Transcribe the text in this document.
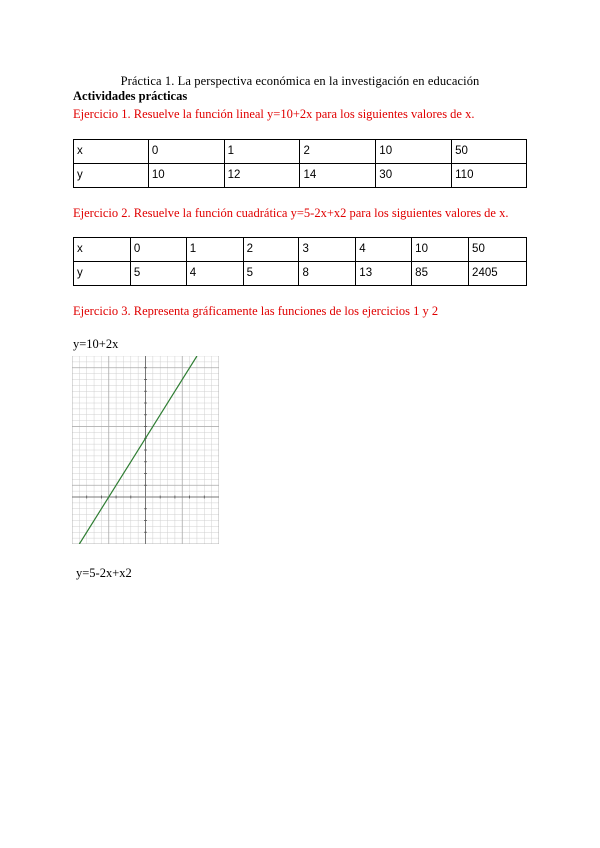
Práctica 1. La perspectiva económica en la investigación en educación
Actividades prácticas
Ejercicio 1. Resuelve la función lineal y=10+2x para los siguientes valores de x.
x	0	1	2	10	50
y	10	12	14	30	110
Ejercicio 2. Resuelve la función cuadrática y=5-2x+x2 para los siguientes valores de x.
x	0	1	2	3	4	10	50
y	5	4	5	8	13	85	2405
Ejercicio 3. Representa gráficamente las funciones de los ejercicios 1 y 2
y=10+2x
y=5-2x+x2
